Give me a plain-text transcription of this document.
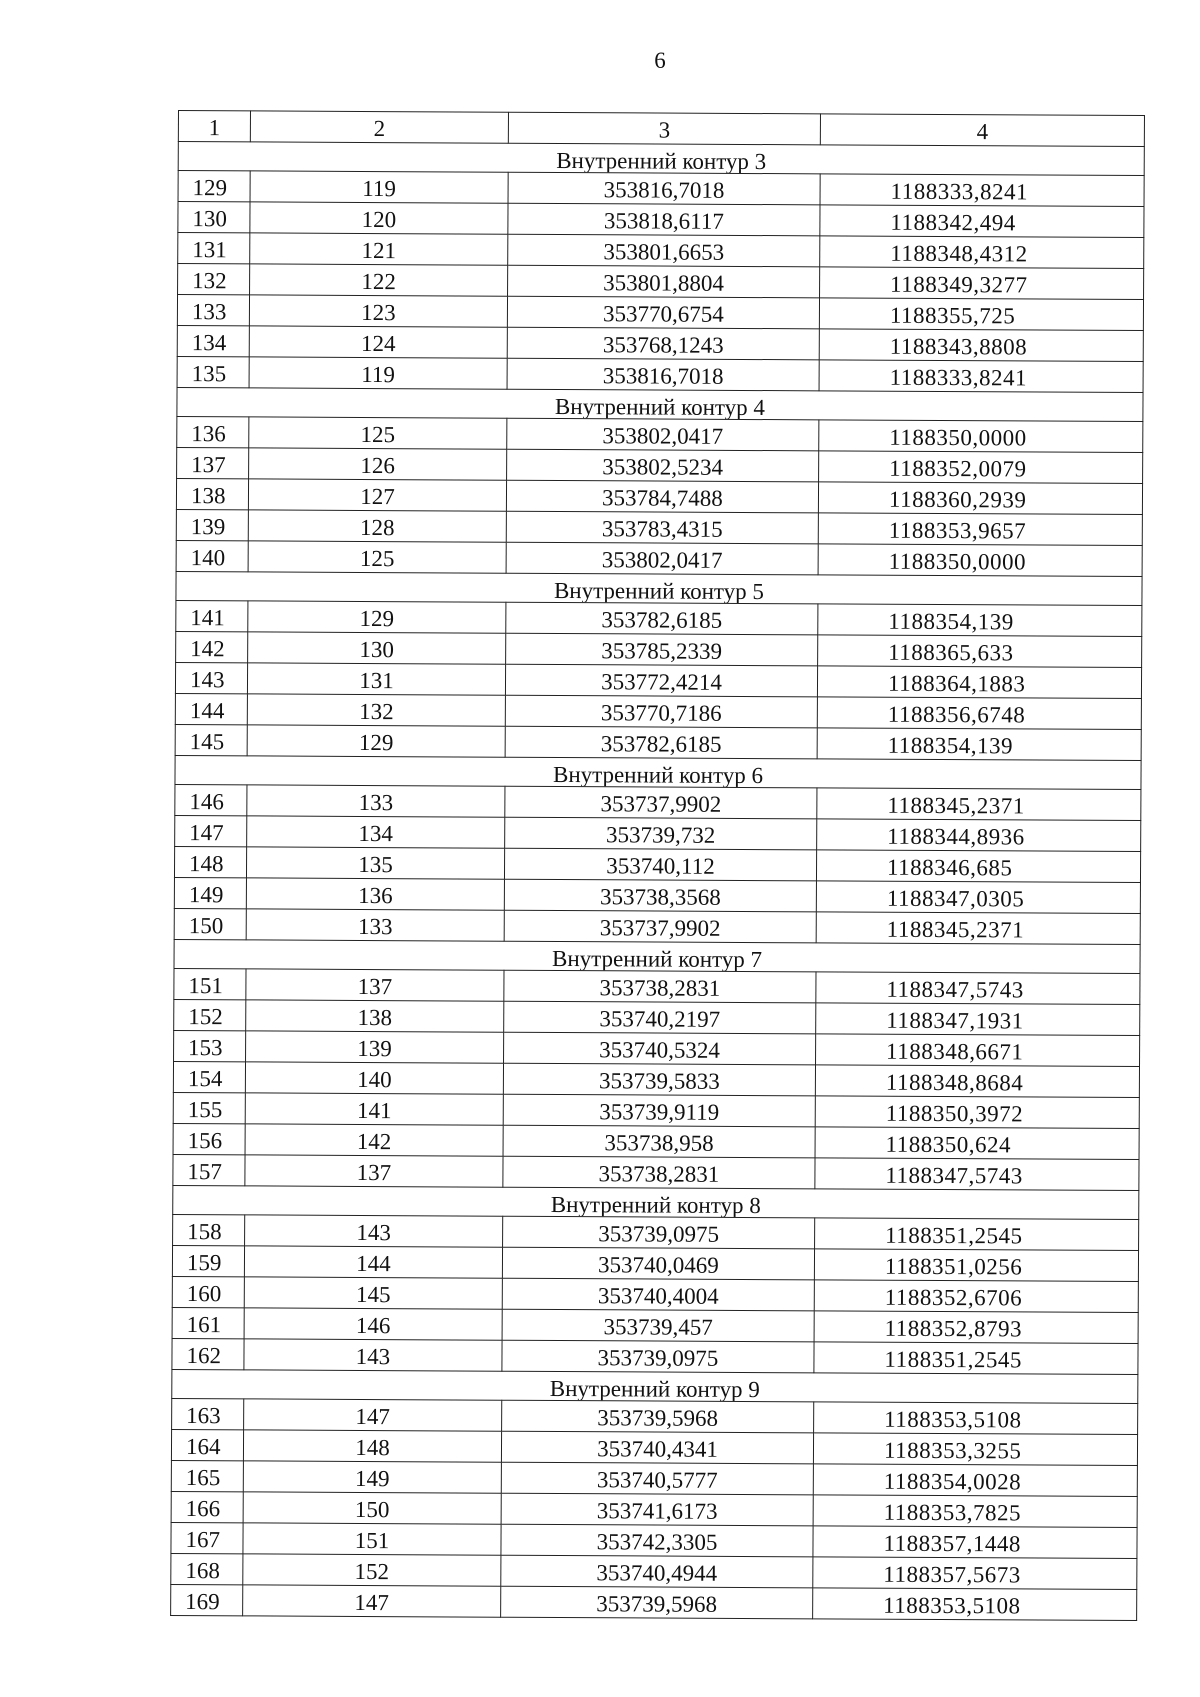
6
1	2	3	4
Внутренний контур 3			
129	119	353816,7018	1188333,8241
130	120	353818,6117	1188342,494
131	121	353801,6653	1188348,4312
132	122	353801,8804	1188349,3277
133	123	353770,6754	1188355,725
134	124	353768,1243	1188343,8808
135	119	353816,7018	1188333,8241
Внутренний контур 4			
136	125	353802,0417	1188350,0000
137	126	353802,5234	1188352,0079
138	127	353784,7488	1188360,2939
139	128	353783,4315	1188353,9657
140	125	353802,0417	1188350,0000
Внутренний контур 5			
141	129	353782,6185	1188354,139
142	130	353785,2339	1188365,633
143	131	353772,4214	1188364,1883
144	132	353770,7186	1188356,6748
145	129	353782,6185	1188354,139
Внутренний контур 6			
146	133	353737,9902	1188345,2371
147	134	353739,732	1188344,8936
148	135	353740,112	1188346,685
149	136	353738,3568	1188347,0305
150	133	353737,9902	1188345,2371
Внутренний контур 7			
151	137	353738,2831	1188347,5743
152	138	353740,2197	1188347,1931
153	139	353740,5324	1188348,6671
154	140	353739,5833	1188348,8684
155	141	353739,9119	1188350,3972
156	142	353738,958	1188350,624
157	137	353738,2831	1188347,5743
Внутренний контур 8			
158	143	353739,0975	1188351,2545
159	144	353740,0469	1188351,0256
160	145	353740,4004	1188352,6706
161	146	353739,457	1188352,8793
162	143	353739,0975	1188351,2545
Внутренний контур 9			
163	147	353739,5968	1188353,5108
164	148	353740,4341	1188353,3255
165	149	353740,5777	1188354,0028
166	150	353741,6173	1188353,7825
167	151	353742,3305	1188357,1448
168	152	353740,4944	1188357,5673
169	147	353739,5968	1188353,5108
